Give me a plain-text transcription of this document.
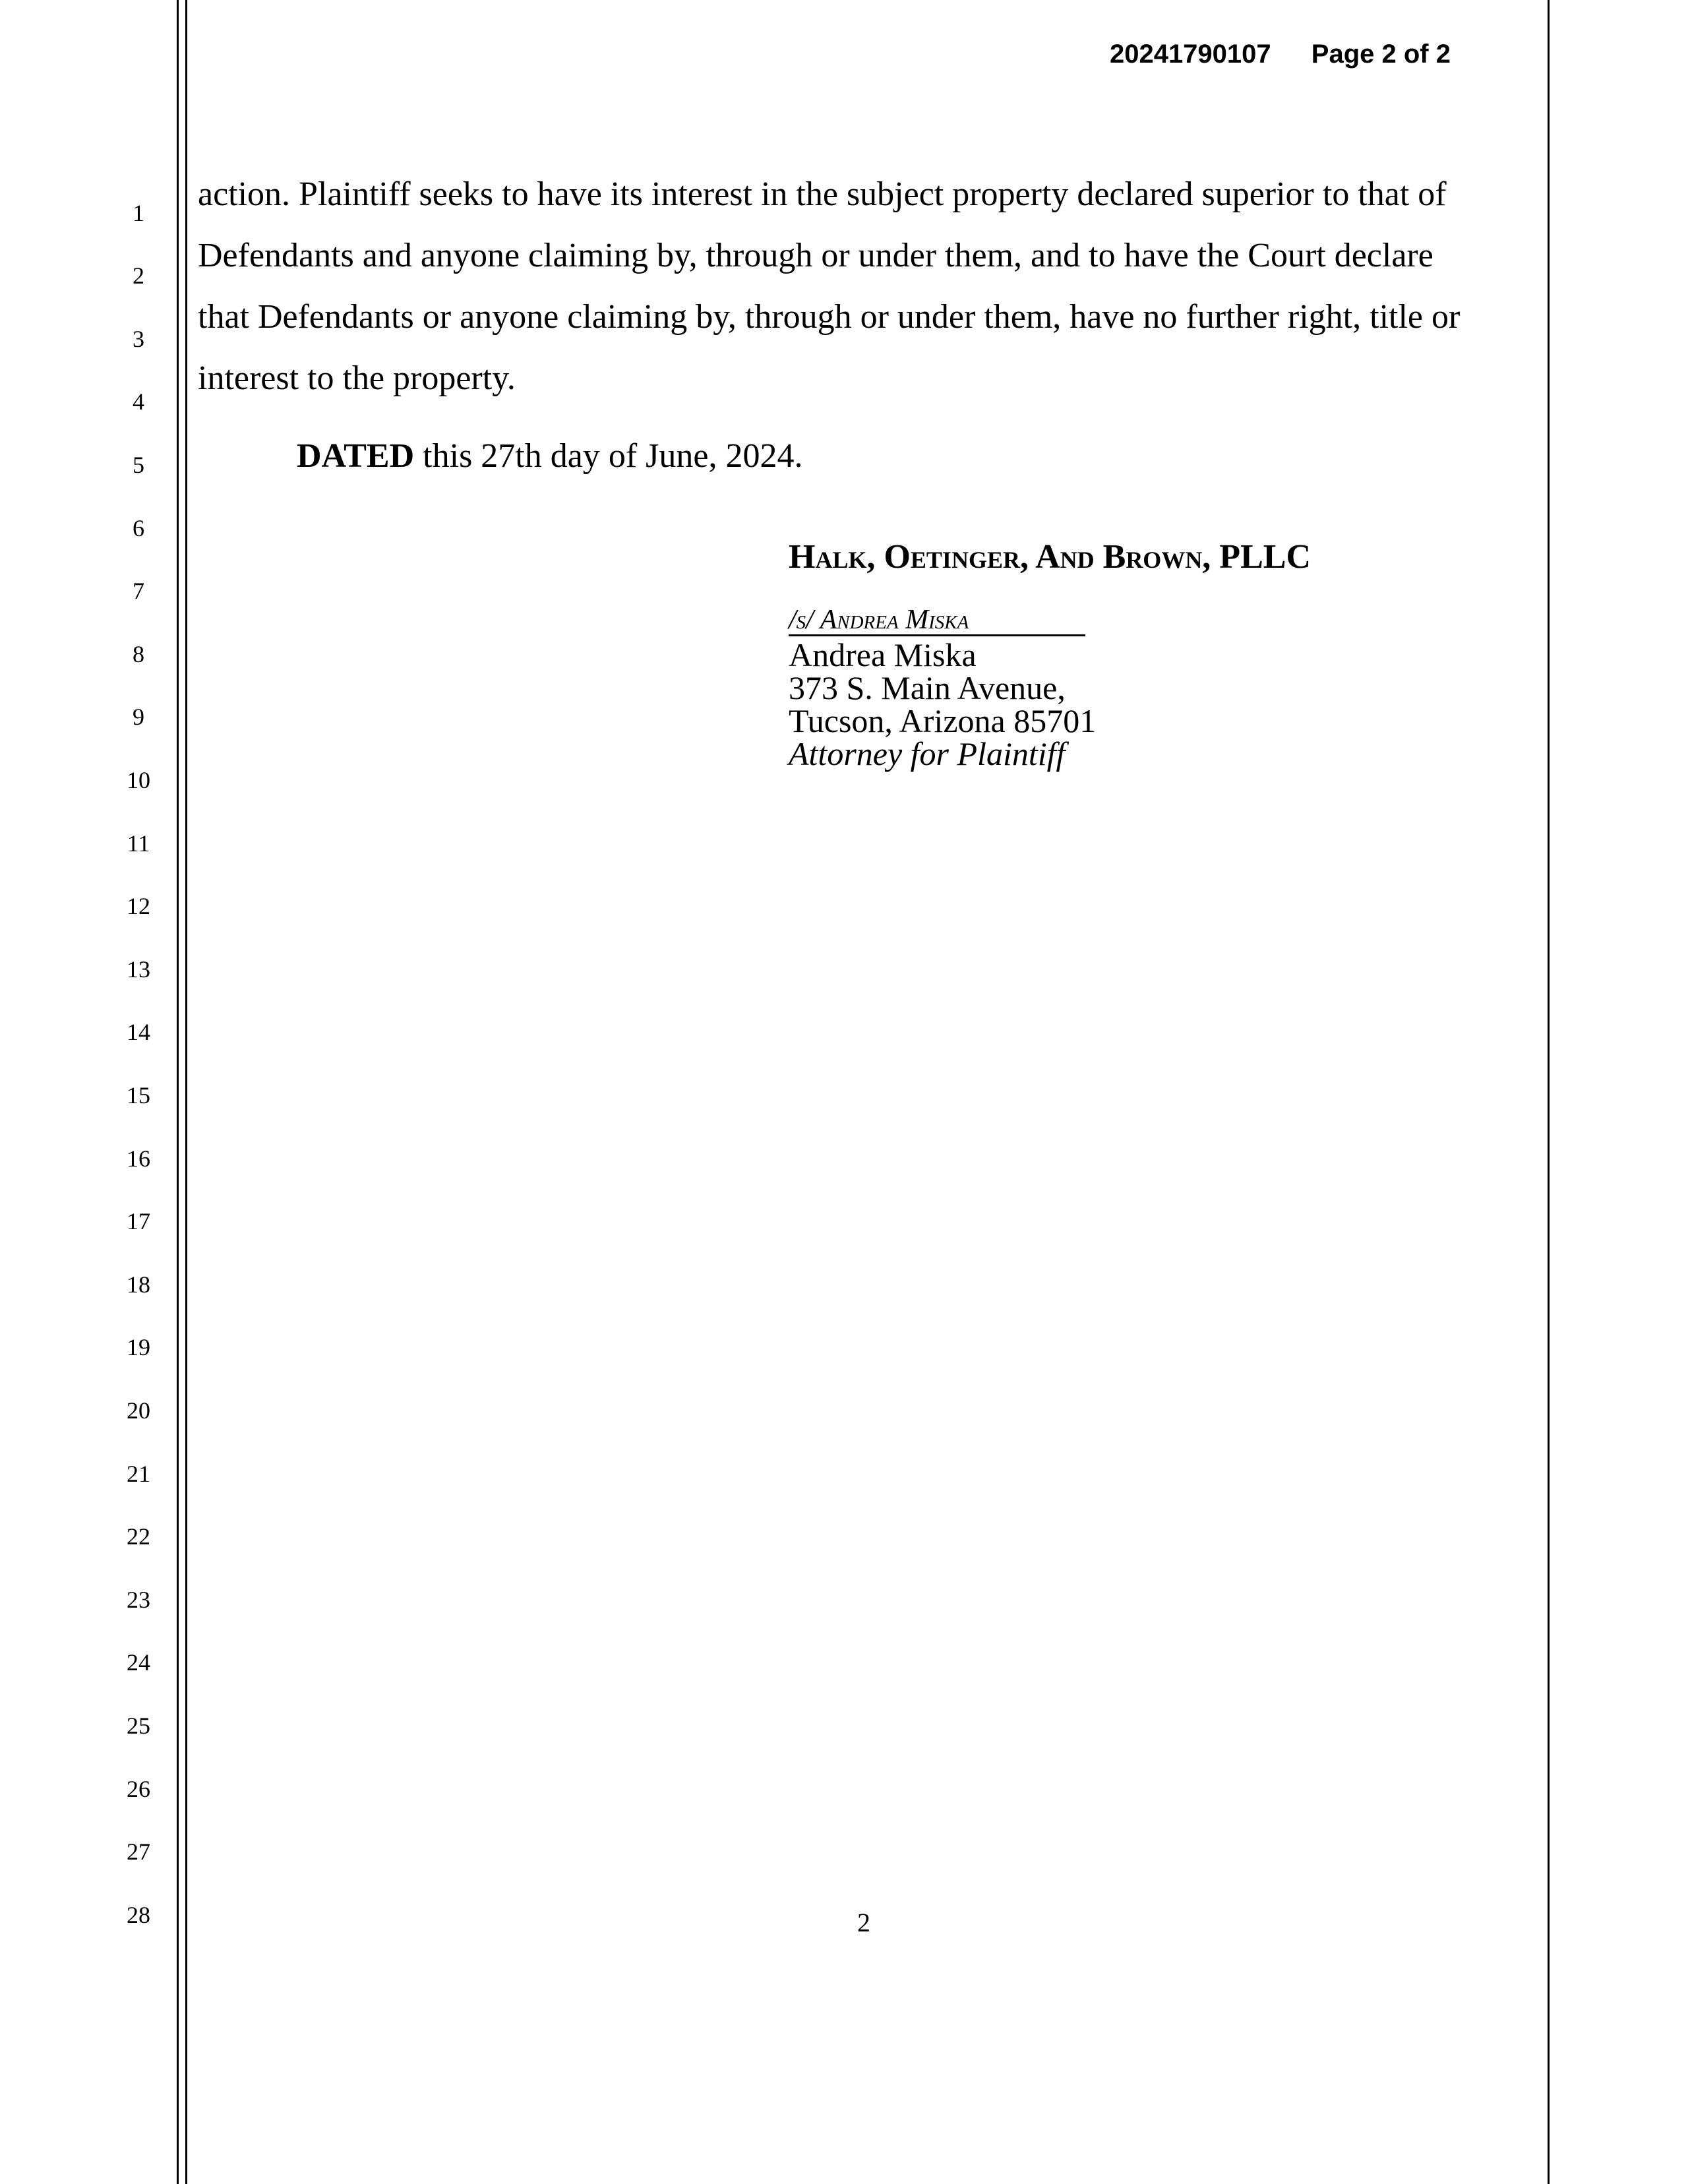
20241790107 Page 2 of 2
1
2
3
4
5
6
7
8
9
10
11
12
13
14
15
16
17
18
19
20
21
22
23
24
25
26
27
28
action. Plaintiff seeks to have its interest in the subject property declared superior to that of
Defendants and anyone claiming by, through or under them, and to have the Court declare
that Defendants or anyone claiming by, through or under them, have no further right, title or
interest to the property.

DATED this 27th day of June, 2024.

Halk, Oetinger, And Brown, PLLC
/s/ Andrea Miska
Andrea Miska
373 S. Main Avenue,
Tucson, Arizona 85701
Attorney for Plaintiff
2
